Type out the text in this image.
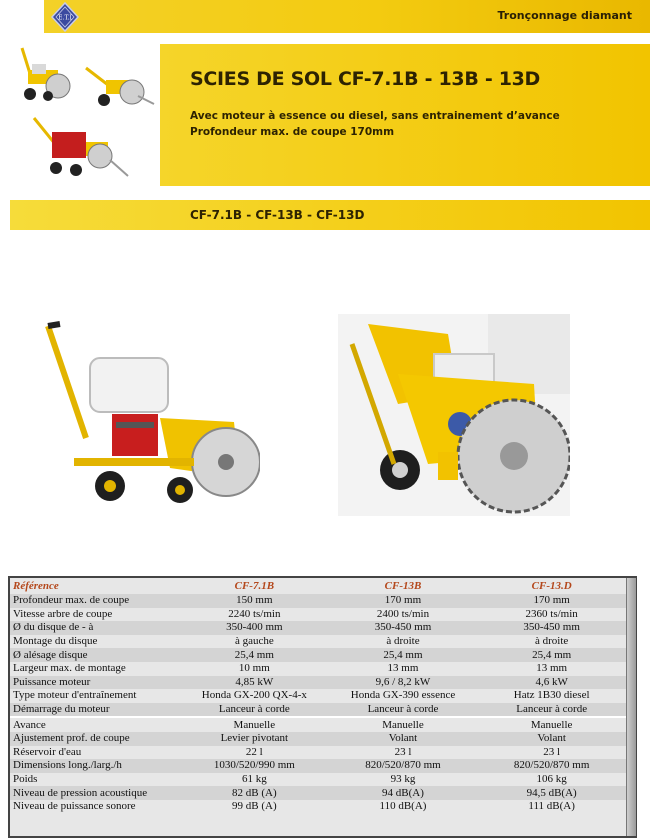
Tronçonnage diamant
E.T.I
SCIES DE SOL CF-7.1B - 13B - 13D
Avec moteur à essence ou diesel, sans entrainement d’avance
Profondeur max. de coupe 170mm
CF-7.1B - CF-13B - CF-13D
Référence	CF-7.1B	CF-13B	CF-13.D
Profondeur max. de coupe	150 mm	170 mm	170 mm
Vitesse arbre de coupe	2240 ts/min	2400 ts/min	2360 ts/min
Ø du disque de - à	350-400 mm	350-450 mm	350-450 mm
Montage du disque	à gauche	à droite	à droite
Ø alésage disque	25,4 mm	25,4 mm	25,4 mm
Largeur max. de montage	10 mm	13 mm	13 mm
Puissance moteur	4,85 kW	9,6 / 8,2 kW	4,6 kW
Type moteur d'entraînement	Honda GX-200 QX-4-x	Honda GX-390 essence	Hatz 1B30 diesel
Démarrage du moteur	Lanceur à corde	Lanceur à corde	Lanceur à corde

Avance	Manuelle	Manuelle	Manuelle
Ajustement prof. de coupe	Levier pivotant	Volant	Volant
Réservoir d'eau	22 l	23 l	23 l
Dimensions long./larg./h	1030/520/990 mm	820/520/870 mm	820/520/870 mm
Poids	61 kg	93 kg	106 kg
Niveau de pression acoustique	82 dB (A)	94 dB(A)	94,5 dB(A)
Niveau de puissance sonore	99 dB (A)	110 dB(A)	111 dB(A)
